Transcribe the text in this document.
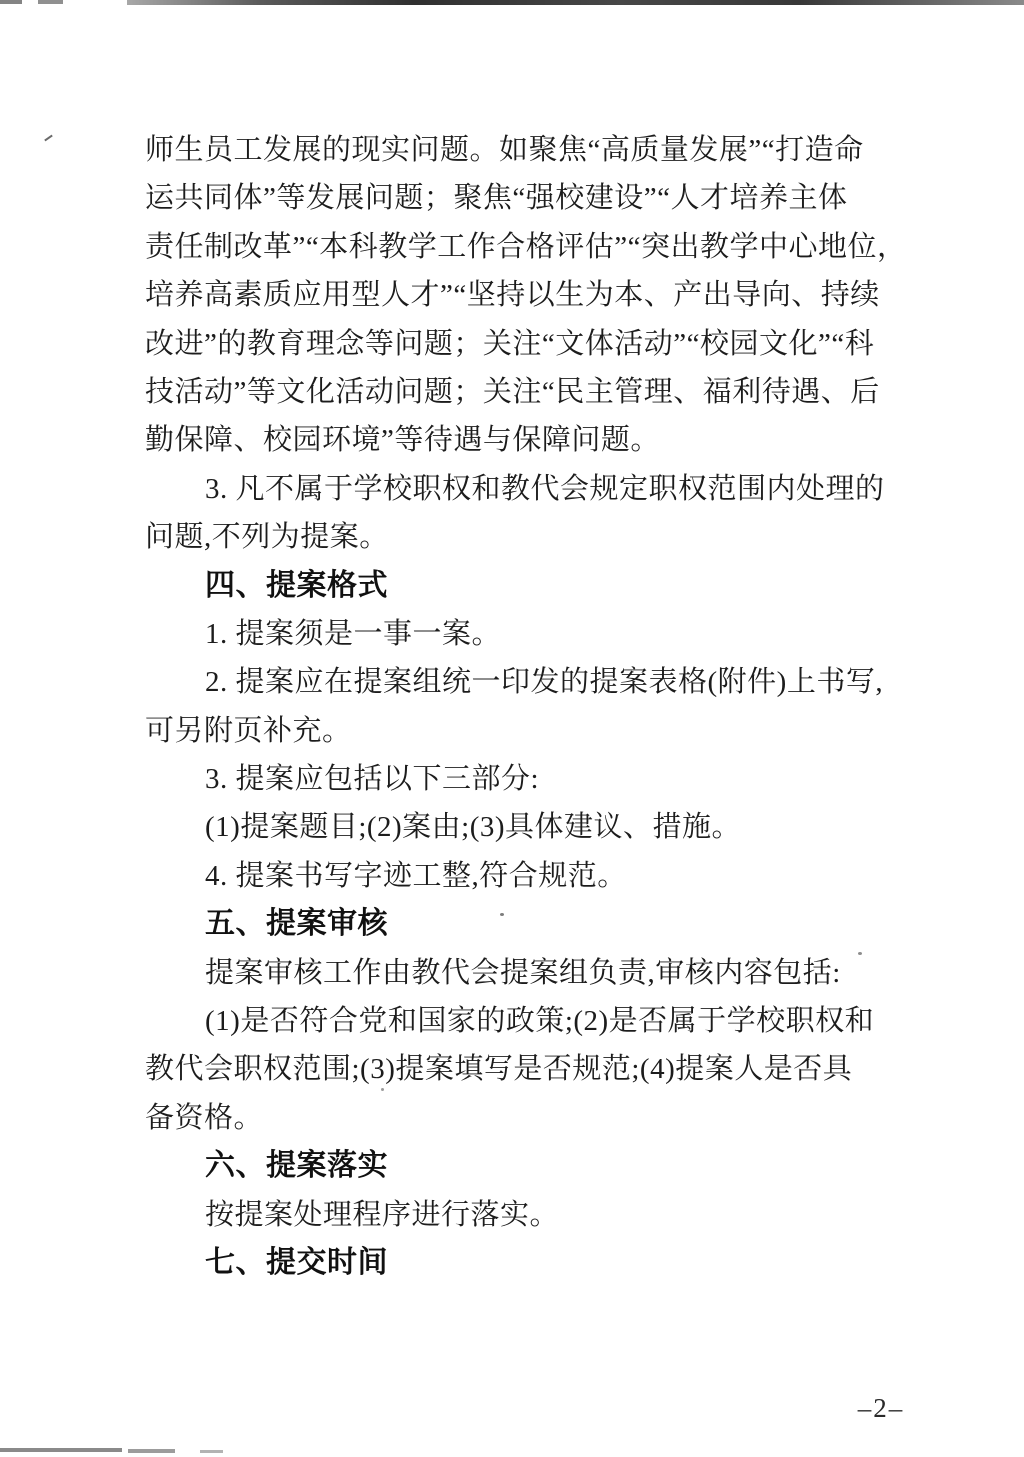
师生员工发展的现实问题。如聚焦“高质量发展”“打造命

运共同体”等发展问题；聚焦“强校建设”“人才培养主体

责任制改革”“本科教学工作合格评估”“突出教学中心地位，

培养高素质应用型人才”“坚持以生为本、产出导向、持续

改进”的教育理念等问题；关注“文体活动”“校园文化”“科

技活动”等文化活动问题；关注“民主管理、福利待遇、后

勤保障、校园环境”等待遇与保障问题。

3. 凡不属于学校职权和教代会规定职权范围内处理的

问题,不列为提案。

四、提案格式

1. 提案须是一事一案。

2. 提案应在提案组统一印发的提案表格(附件)上书写,

可另附页补充。

3. 提案应包括以下三部分:

(1)提案题目;(2)案由;(3)具体建议、措施。

4. 提案书写字迹工整,符合规范。

五、提案审核

提案审核工作由教代会提案组负责,审核内容包括:

(1)是否符合党和国家的政策;(2)是否属于学校职权和

教代会职权范围;(3)提案填写是否规范;(4)提案人是否具

备资格。

六、提案落实

按提案处理程序进行落实。

七、提交时间

–2–
